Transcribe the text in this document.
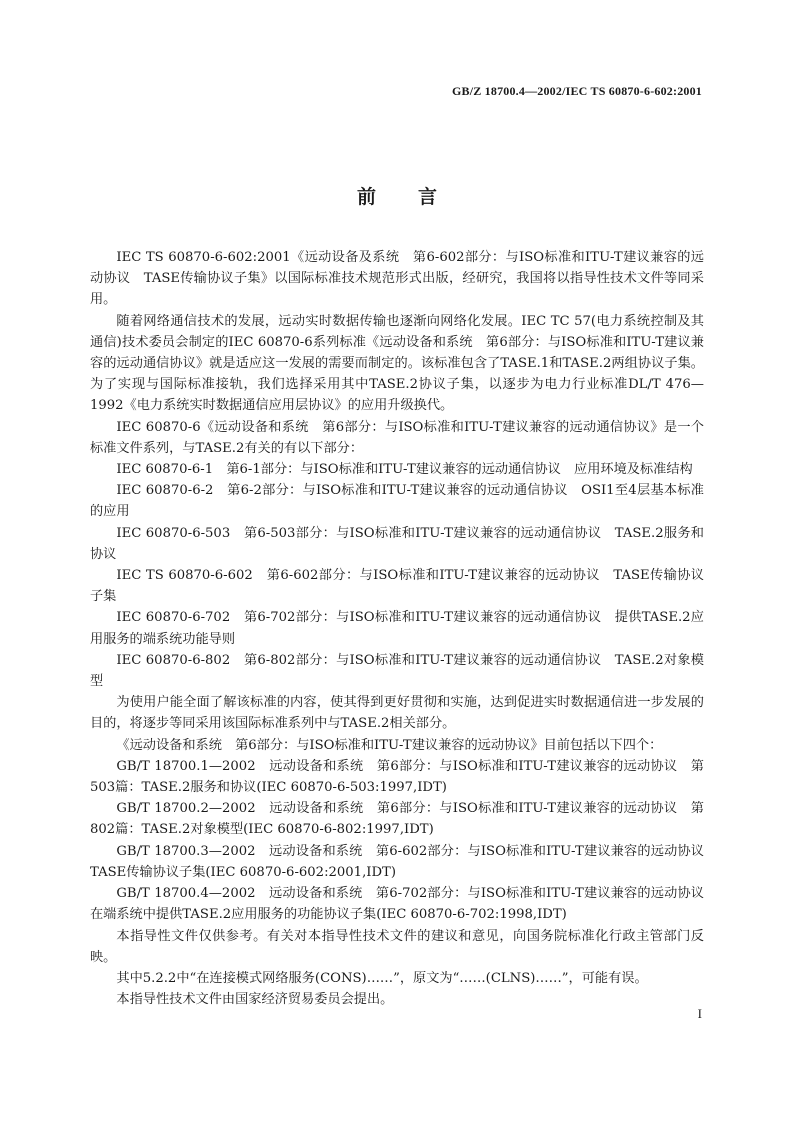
GB/Z 18700.4—2002/IEC TS 60870-6-602:2001
前言

IEC TS 60870-6-602:2001《远动设备及系统　第6-602部分：与ISO标准和ITU-T建议兼容的远动协议　TASE传输协议子集》以国际标准技术规范形式出版，经研究，我国将以指导性技术文件等同采用。

随着网络通信技术的发展，远动实时数据传输也逐渐向网络化发展。IEC TC 57(电力系统控制及其通信)技术委员会制定的IEC 60870-6系列标准《远动设备和系统　第6部分：与ISO标准和ITU-T建议兼容的远动通信协议》就是适应这一发展的需要而制定的。该标准包含了TASE.1和TASE.2两组协议子集。为了实现与国际标准接轨，我们选择采用其中TASE.2协议子集，以逐步为电力行业标准DL/T 476—1992《电力系统实时数据通信应用层协议》的应用升级换代。

IEC 60870-6《远动设备和系统　第6部分：与ISO标准和ITU-T建议兼容的远动通信协议》是一个标准文件系列，与TASE.2有关的有以下部分：

IEC 60870-6-1　第6-1部分：与ISO标准和ITU-T建议兼容的远动通信协议　应用环境及标准结构

IEC 60870-6-2　第6-2部分：与ISO标准和ITU-T建议兼容的远动通信协议　OSI1至4层基本标准的应用

IEC 60870-6-503　第6-503部分：与ISO标准和ITU-T建议兼容的远动通信协议　TASE.2服务和协议

IEC TS 60870-6-602　第6-602部分：与ISO标准和ITU-T建议兼容的远动协议　TASE传输协议子集

IEC 60870-6-702　第6-702部分：与ISO标准和ITU-T建议兼容的远动通信协议　提供TASE.2应用服务的端系统功能导则

IEC 60870-6-802　第6-802部分：与ISO标准和ITU-T建议兼容的远动通信协议　TASE.2对象模型

为使用户能全面了解该标准的内容，使其得到更好贯彻和实施，达到促进实时数据通信进一步发展的目的，将逐步等同采用该国际标准系列中与TASE.2相关部分。

《远动设备和系统　第6部分：与ISO标准和ITU-T建议兼容的远动协议》目前包括以下四个：

GB/T 18700.1—2002　远动设备和系统　第6部分：与ISO标准和ITU-T建议兼容的远动协议　第503篇：TASE.2服务和协议(IEC 60870-6-503:1997,IDT)

GB/T 18700.2—2002　远动设备和系统　第6部分：与ISO标准和ITU-T建议兼容的远动协议　第802篇：TASE.2对象模型(IEC 60870-6-802:1997,IDT)

GB/T 18700.3—2002　远动设备和系统　第6-602部分：与ISO标准和ITU-T建议兼容的远动协议　TASE传输协议子集(IEC 60870-6-602:2001,IDT)

GB/T 18700.4—2002　远动设备和系统　第6-702部分：与ISO标准和ITU-T建议兼容的远动协议　在端系统中提供TASE.2应用服务的功能协议子集(IEC 60870-6-702:1998,IDT)

本指导性文件仅供参考。有关对本指导性技术文件的建议和意见，向国务院标准化行政主管部门反映。

其中5.2.2中“在连接模式网络服务(CONS)……”，原文为“……(CLNS)……”，可能有误。

本指导性技术文件由国家经济贸易委员会提出。

I
